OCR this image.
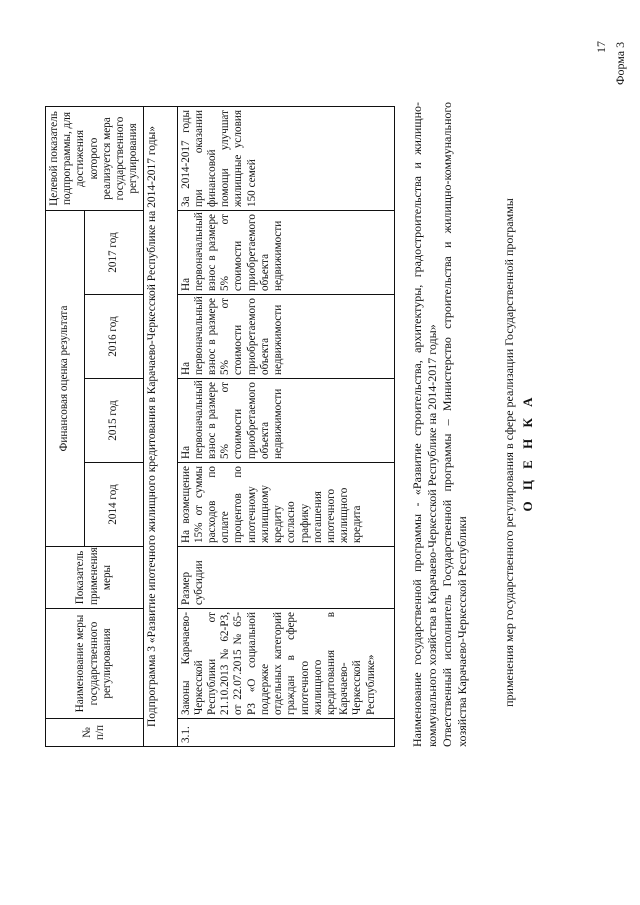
17 Форма 3
О Ц Е Н К А
применения мер государственного регулирования в сфере реализации Государственной программы

Наименование государственной программы - «Развитие строительства, архитектуры, градостроительства и жилищно-коммунального хозяйства в Карачаево-Черкесской Республике на 2014-2017 годы» Ответственный исполнитель Государственной программы – Министерство строительства и жилищно-коммунального хозяйства Карачаево-Черкесской Республики

№ п/п	Наименование меры государственного регулирования	Показатель применения меры	Финансовая оценка результата				Целевой показатель подпрограммы, для достижения которого реализуется мера государственного регулирования
			2014 год	2015 год	2016 год	2017 год	
Подпрограмма 3 «Развитие ипотечного жилищного кредитования в Карачаево-Черкесской Республике на 2014-2017 годы»							
3.1.	Законы Карачаево-Черкесской Республики от 21.10.2013 № 62-РЗ, от 22.07.2015 № 65-РЗ «О социальной поддержке отдельных категорий граждан в сфере ипотечного жилищного кредитования в Карачаево-Черкесской Республике»	Размер субсидии	На возмещение 15% от суммы расходов по оплате процентов по ипотечному жилищному кредиту согласно графику погашения ипотечного жилищного кредита	На первоначальный взнос в размере 5% от стоимости приобретаемого объекта недвижимости	На первоначальный взнос в размере 5% от стоимости приобретаемого объекта недвижимости	На первоначальный взнос в размере 5% от стоимости приобретаемого объекта недвижимости	За 2014-2017 годы при оказании финансовой помощи улучшат жилищные условия 150 семей
